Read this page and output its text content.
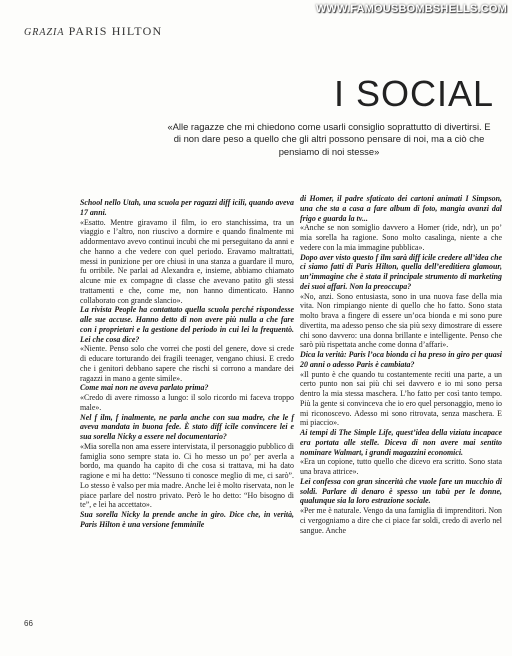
WWW.FAMOUSBOMBSHELLS.COM
GRAZIA PARIS HILTON
I SOCIAL
«Alle ragazze che mi chiedono come usarli consiglio soprattutto di divertirsi. E di non dare peso a quello che gli altri possono pensare di noi, ma a ciò che pensiamo di noi stesse»

School nello Utah, una scuola per ragazzi diff icili, quando aveva 17 anni.

«Esatto. Mentre giravamo il film, io ero stanchissima, tra un viaggio e l’altro, non riuscivo a dormire e quando finalmente mi addormentavo avevo continui incubi che mi perseguitano da anni e che hanno a che vedere con quel periodo. Eravamo maltrattati, messi in punizione per ore chiusi in una stanza a guardare il muro, fu orribile. Ne parlai ad Alexandra e, insieme, abbiamo chiamato alcune mie ex compagne di classe che avevano patito gli stessi trattamenti e che, come me, non hanno dimenticato. Hanno collaborato con grande slancio».

La rivista People ha contattato quella scuola perché rispondesse alle sue accuse. Hanno detto di non avere più nulla a che fare con i proprietari e la gestione del periodo in cui lei la frequentò. Lei che cosa dice?

«Niente. Penso solo che vorrei che posti del genere, dove si crede di educare torturando dei fragili teenager, vengano chiusi. E credo che i genitori debbano sapere che rischi si corrono a mandare dei ragazzi in mano a gente simile».

Come mai non ne aveva parlato prima?

«Credo di avere rimosso a lungo: il solo ricordo mi faceva troppo male».

Nel f ilm, f inalmente, ne parla anche con sua madre, che le f aveva mandata in buona fede. È stato diff icile convincere lei e sua sorella Nicky a essere nel documentario?

«Mia sorella non ama essere intervistata, il personaggio pubblico di famiglia sono sempre stata io. Ci ho messo un po’ per averla a bordo, ma quando ha capito di che cosa si trattava, mi ha dato ragione e mi ha detto: “Nessuno ti conosce meglio di me, ci sarò”. Lo stesso è valso per mia madre. Anche lei è molto riservata, non le piace parlare del nostro privato. Però le ho detto: “Ho bisogno di te”, e lei ha accettato».

Sua sorella Nicky la prende anche in giro. Dice che, in verità, Paris Hilton è una versione femminile

di Homer, il padre sfaticato dei cartoni animati I Simpson, una che sta a casa a fare album di foto, mangia avanzi dal frigo e guarda la tv...

«Anche se non somiglio davvero a Homer (ride, ndr), un po’ mia sorella ha ragione. Sono molto casalinga, niente a che vedere con la mia immagine pubblica».

Dopo aver visto questo f ilm sarà diff icile credere all’idea che ci siamo fatti di Paris Hilton, quella dell’ereditiera glamour, un’immagine che è stata il principale strumento di marketing dei suoi affari. Non la preoccupa?

«No, anzi. Sono entusiasta, sono in una nuova fase della mia vita. Non rimpiango niente di quello che ho fatto. Sono stata molto brava a fingere di essere un’oca bionda e mi sono pure divertita, ma adesso penso che sia più sexy dimostrare di essere chi sono davvero: una donna brillante e intelligente. Penso che sarò più rispettata anche come donna d’affari».

Dica la verità: Paris l’oca bionda ci ha preso in giro per quasi 20 anni o adesso Paris è cambiata?

«Il punto è che quando tu costantemente reciti una parte, a un certo punto non sai più chi sei davvero e io mi sono persa dentro la mia stessa maschera. L’ho fatto per così tanto tempo. Più la gente si convinceva che io ero quel personaggio, meno io mi riconoscevo. Adesso mi sono ritrovata, senza maschera. E mi piaccio».

Ai tempi di The Simple Life, quest’idea della viziata incapace era portata alle stelle. Diceva di non avere mai sentito nominare Walmart, i grandi magazzini economici.

«Era un copione, tutto quello che dicevo era scritto. Sono stata una brava attrice».

Lei confessa con gran sincerità che vuole fare un mucchio di soldi. Parlare di denaro è spesso un tabù per le donne, qualunque sia la loro estrazione sociale.

«Per me è naturale. Vengo da una famiglia di imprenditori. Non ci vergogniamo a dire che ci piace far soldi, credo di averlo nel sangue. Anche

66
